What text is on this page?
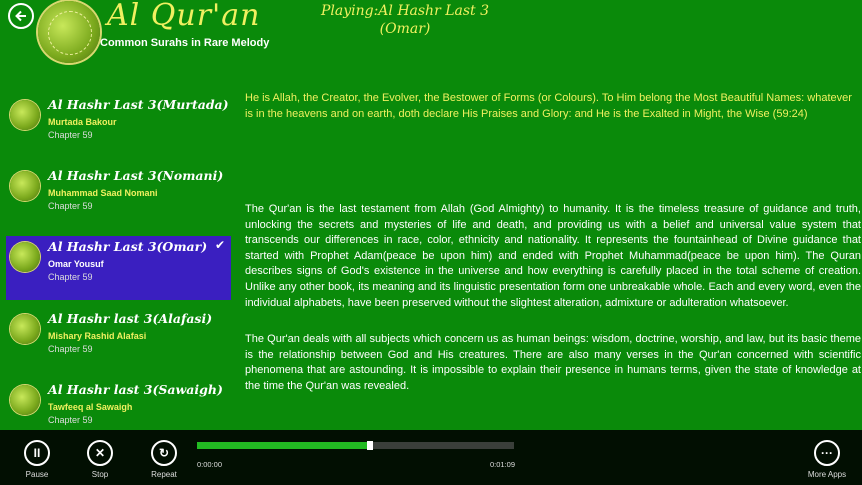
Al Qur'an
Common Surahs in Rare Melody
Playing:Al Hashr Last 3
(Omar)
Al Hashr Last 3(Murtada)
Murtada Bakour
Chapter 59
Al Hashr Last 3(Nomani)
Muhammad Saad Nomani
Chapter 59
Al Hashr Last 3(Omar)
Omar Yousuf
Chapter 59
✔
Al Hashr last 3(Alafasi)
Mishary Rashid Alafasi
Chapter 59
Al Hashr last 3(Sawaigh)
Tawfeeq al Sawaigh
Chapter 59
He is Allah, the Creator, the Evolver, the Bestower of Forms (or Colours). To Him belong the Most Beautiful Names: whatever is in the heavens and on earth, doth declare His Praises and Glory: and He is the Exalted in Might, the Wise (59:24)
The Qur'an is the last testament from Allah (God Almighty) to humanity. It is the timeless treasure of guidance and truth, unlocking the secrets and mysteries of life and death, and providing us with a belief and universal value system that transcends our differences in race, color, ethnicity and nationality. It represents the fountainhead of Divine guidance that started with Prophet Adam(peace be upon him) and ended with Prophet Muhammad(peace be upon him). The Quran describes signs of God's existence in the universe and how everything is carefully placed in the total scheme of creation. Unlike any other book, its meaning and its linguistic presentation form one unbreakable whole. Each and every word, even the individual alphabets, have been preserved without the slightest alteration, admixture or adulteration whatsoever.
The Qur'an deals with all subjects which concern us as human beings: wisdom, doctrine, worship, and law, but its basic theme is the relationship between God and His creatures. There are also many verses in the Qur'an concerned with scientific phenomena that are astounding. It is impossible to explain their presence in humans terms, given the state of knowledge at the time the Qur'an was revealed.
II
Pause
✕
Stop
↻
Repeat
0:00:00	0:01:09
···
More Apps
